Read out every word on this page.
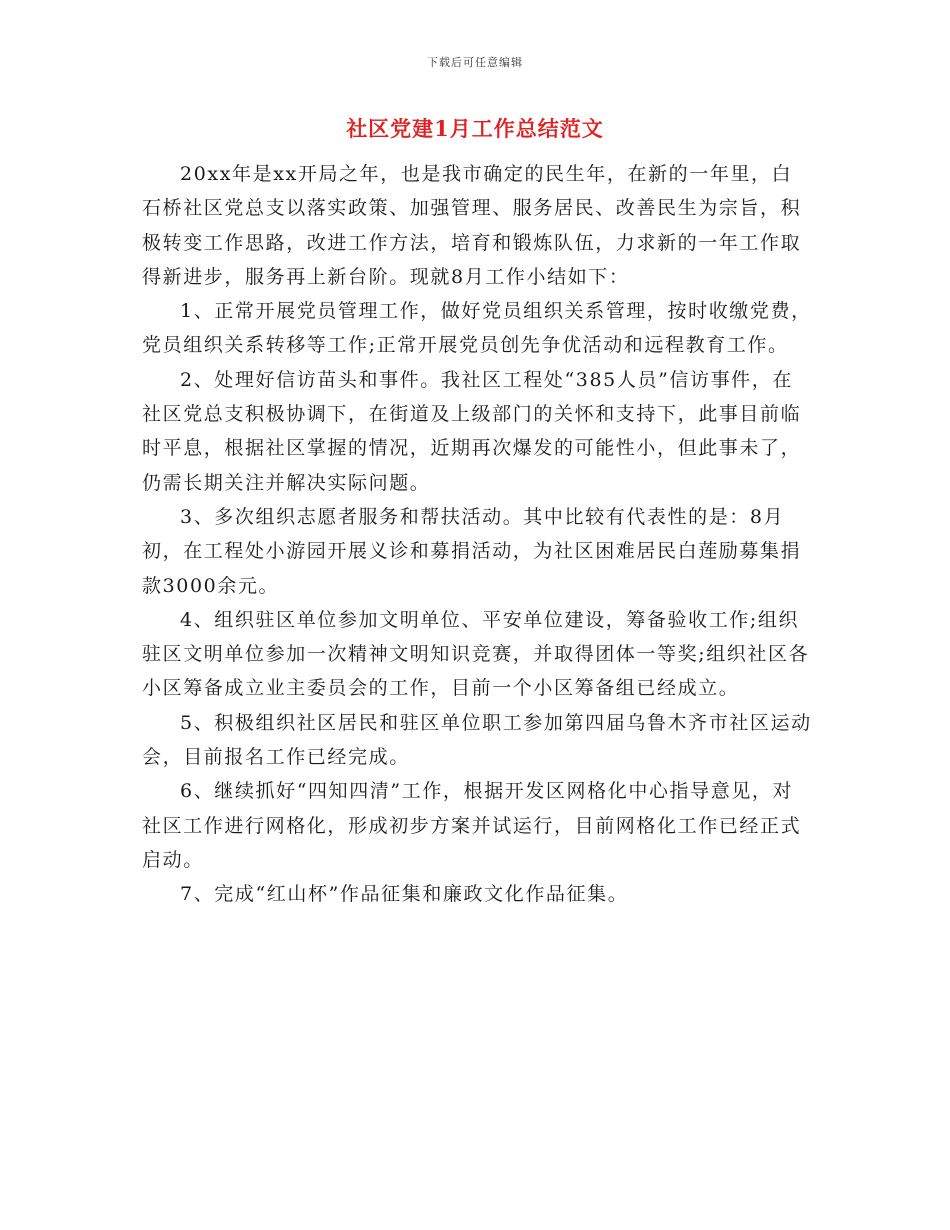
下载后可任意编辑
社区党建1月工作总结范文

20xx年是xx开局之年，也是我市确定的民生年，在新的一年里，白石桥社区党总支以落实政策、加强管理、服务居民、改善民生为宗旨，积极转变工作思路，改进工作方法，培育和锻炼队伍，力求新的一年工作取得新进步，服务再上新台阶。现就8月工作小结如下：

1、正常开展党员管理工作，做好党员组织关系管理，按时收缴党费，党员组织关系转移等工作;正常开展党员创先争优活动和远程教育工作。

2、处理好信访苗头和事件。我社区工程处“385人员”信访事件，在社区党总支积极协调下，在街道及上级部门的关怀和支持下，此事目前临时平息，根据社区掌握的情况，近期再次爆发的可能性小，但此事未了，仍需长期关注并解决实际问题。

3、多次组织志愿者服务和帮扶活动。其中比较有代表性的是：8月初，在工程处小游园开展义诊和募捐活动，为社区困难居民白莲励募集捐款3000余元。

4、组织驻区单位参加文明单位、平安单位建设，筹备验收工作;组织驻区文明单位参加一次精神文明知识竞赛，并取得团体一等奖;组织社区各小区筹备成立业主委员会的工作，目前一个小区筹备组已经成立。

5、积极组织社区居民和驻区单位职工参加第四届乌鲁木齐市社区运动会，目前报名工作已经完成。

6、继续抓好“四知四清”工作，根据开发区网格化中心指导意见，对社区工作进行网格化，形成初步方案并试运行，目前网格化工作已经正式启动。

7、完成“红山杯”作品征集和廉政文化作品征集。
